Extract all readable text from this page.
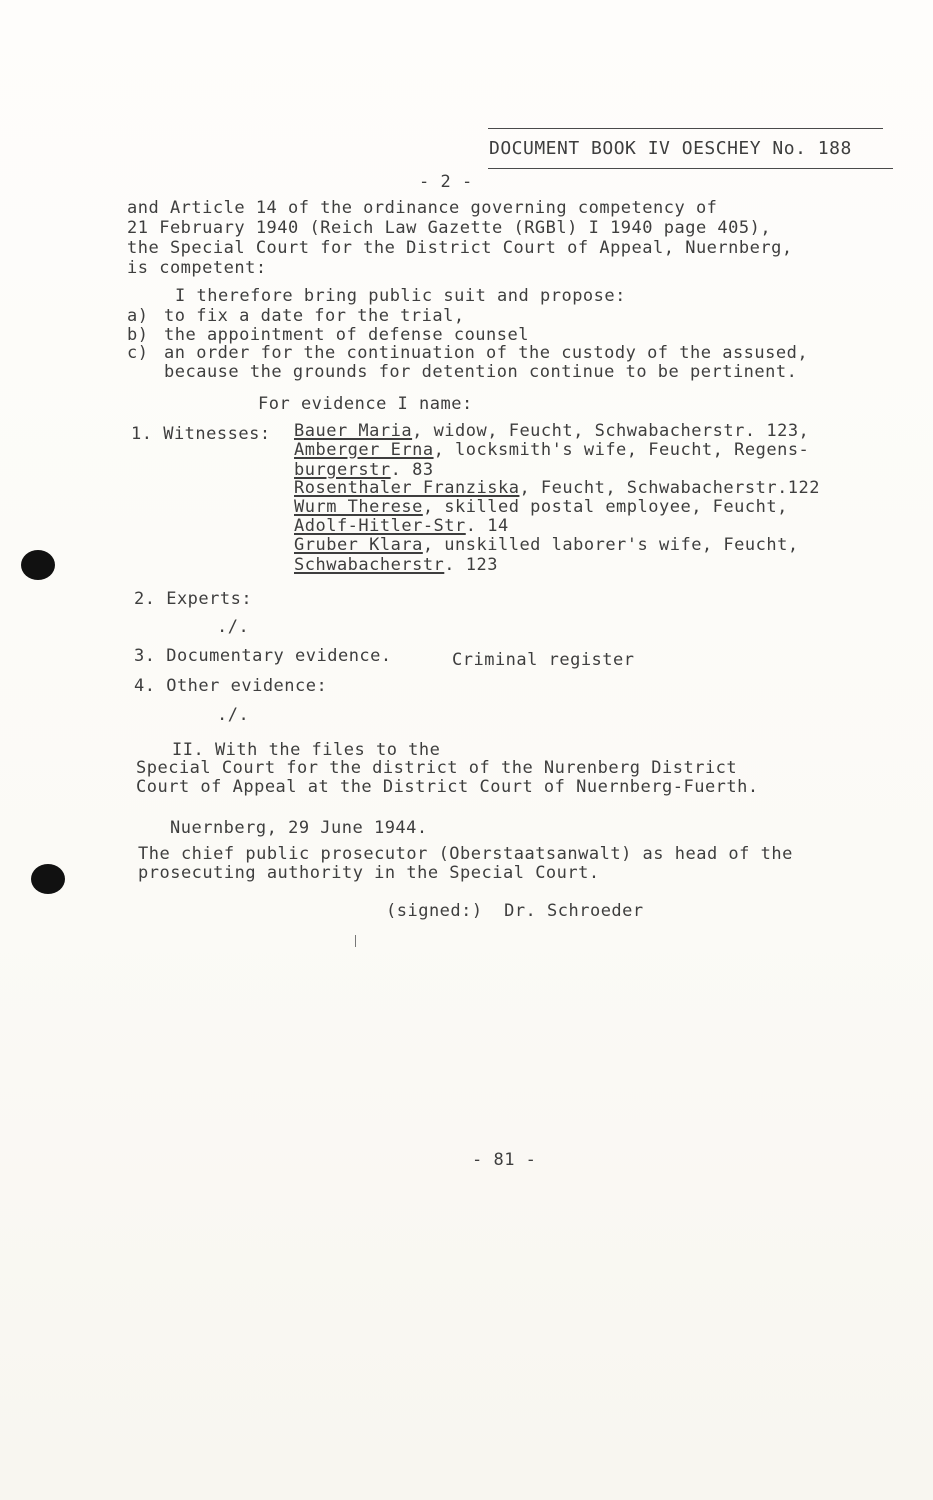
DOCUMENT BOOK IV OESCHEY No. 188
- 2 -
and Article 14 of the ordinance governing competency of
21 February 1940 (Reich Law Gazette (RGBl) I 1940 page 405),
the Special Court for the District Court of Appeal, Nuernberg,
is competent:
I therefore bring public suit and propose:
a) to fix a date for the trial,
b) the appointment of defense counsel
c) an order for the continuation of the custody of the assused,
because the grounds for detention continue to be pertinent.
For evidence I name:
1. Witnesses: Bauer Maria, widow, Feucht, Schwabacherstr. 123,
Amberger Erna, locksmith's wife, Feucht, Regens-
burgerstr. 83
Rosenthaler Franziska, Feucht, Schwabacherstr.122
Wurm Therese, skilled postal employee, Feucht,
Adolf-Hitler-Str. 14
Gruber Klara, unskilled laborer's wife, Feucht,
Schwabacherstr. 123
2. Experts:
./.
3. Documentary evidence.	Criminal register
4. Other evidence:
./.
II. With the files to the
Special Court for the district of the Nurenberg District
Court of Appeal at the District Court of Nuernberg-Fuerth.
Nuernberg, 29 June 1944.
The chief public prosecutor (Oberstaatsanwalt) as head of the
prosecuting authority in the Special Court.
(signed:)  Dr. Schroeder
- 81 -
